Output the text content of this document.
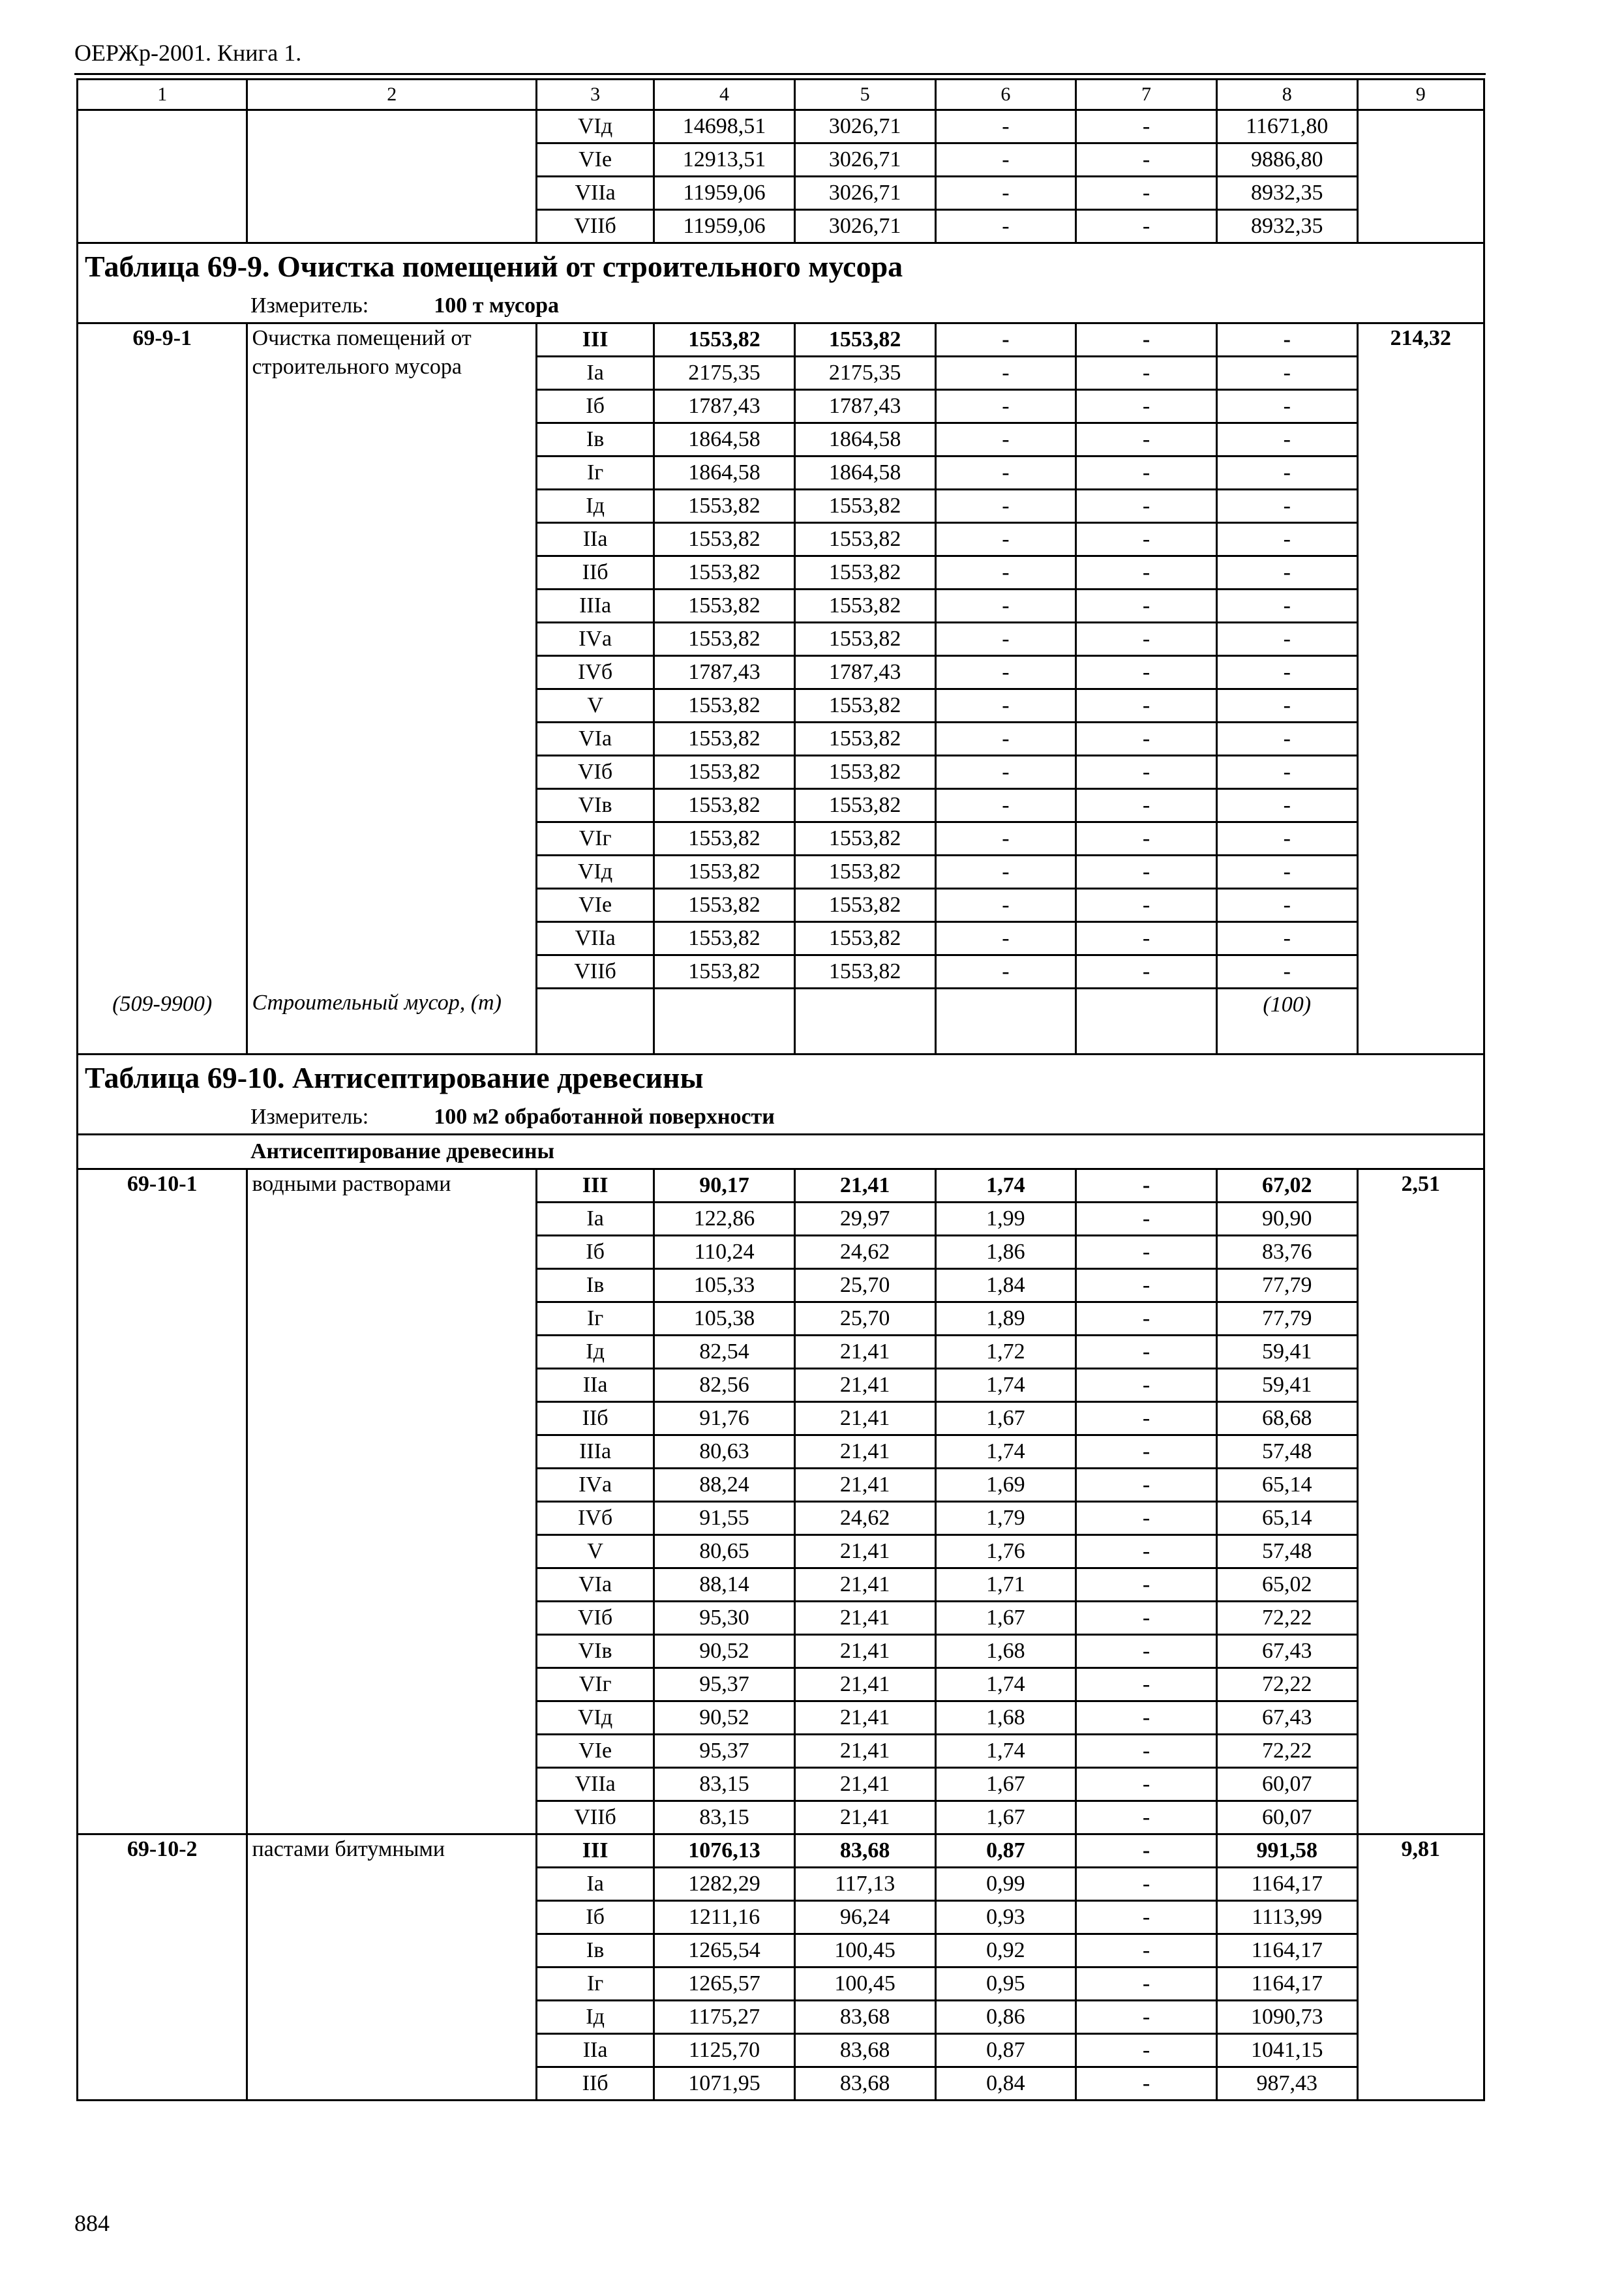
ОЕРЖр-2001. Книга 1.
1	2	3	4	5	6	7	8	9
		VIд	14698,51	3026,71	-	-	11671,80	
		VIе	12913,51	3026,71	-	-	9886,80	
		VIIа	11959,06	3026,71	-	-	8932,35	
		VIIб	11959,06	3026,71	-	-	8932,35	
Таблица 69-9. Очистка помещений от строительного мусора								
Измеритель: 100 т мусора								
69-9-1	Очистка помещений от строительного мусора	III	1553,82	1553,82	-	-	-	214,32
		Iа	2175,35	2175,35	-	-	-	
		Iб	1787,43	1787,43	-	-	-	
		Iв	1864,58	1864,58	-	-	-	
		Iг	1864,58	1864,58	-	-	-	
		Iд	1553,82	1553,82	-	-	-	
		IIа	1553,82	1553,82	-	-	-	
		IIб	1553,82	1553,82	-	-	-	
		IIIа	1553,82	1553,82	-	-	-	
		IVа	1553,82	1553,82	-	-	-	
		IVб	1787,43	1787,43	-	-	-	
		V	1553,82	1553,82	-	-	-	
		VIа	1553,82	1553,82	-	-	-	
		VIб	1553,82	1553,82	-	-	-	
		VIв	1553,82	1553,82	-	-	-	
		VIг	1553,82	1553,82	-	-	-	
		VIд	1553,82	1553,82	-	-	-	
		VIе	1553,82	1553,82	-	-	-	
		VIIа	1553,82	1553,82	-	-	-	
		VIIб	1553,82	1553,82	-	-	-	
(509-9900)	Строительный мусор, (т)						(100)	
Таблица 69-10. Антисептирование древесины								
Измеритель: 100 м2 обработанной поверхности								
Антисептирование древесины								
69-10-1	водными растворами	III	90,17	21,41	1,74	-	67,02	2,51
		Iа	122,86	29,97	1,99	-	90,90	
		Iб	110,24	24,62	1,86	-	83,76	
		Iв	105,33	25,70	1,84	-	77,79	
		Iг	105,38	25,70	1,89	-	77,79	
		Iд	82,54	21,41	1,72	-	59,41	
		IIа	82,56	21,41	1,74	-	59,41	
		IIб	91,76	21,41	1,67	-	68,68	
		IIIа	80,63	21,41	1,74	-	57,48	
		IVа	88,24	21,41	1,69	-	65,14	
		IVб	91,55	24,62	1,79	-	65,14	
		V	80,65	21,41	1,76	-	57,48	
		VIа	88,14	21,41	1,71	-	65,02	
		VIб	95,30	21,41	1,67	-	72,22	
		VIв	90,52	21,41	1,68	-	67,43	
		VIг	95,37	21,41	1,74	-	72,22	
		VIд	90,52	21,41	1,68	-	67,43	
		VIе	95,37	21,41	1,74	-	72,22	
		VIIа	83,15	21,41	1,67	-	60,07	
		VIIб	83,15	21,41	1,67	-	60,07	
69-10-2	пастами битумными	III	1076,13	83,68	0,87	-	991,58	9,81
		Iа	1282,29	117,13	0,99	-	1164,17	
		Iб	1211,16	96,24	0,93	-	1113,99	
		Iв	1265,54	100,45	0,92	-	1164,17	
		Iг	1265,57	100,45	0,95	-	1164,17	
		Iд	1175,27	83,68	0,86	-	1090,73	
		IIа	1125,70	83,68	0,87	-	1041,15	
		IIб	1071,95	83,68	0,84	-	987,43	
884
